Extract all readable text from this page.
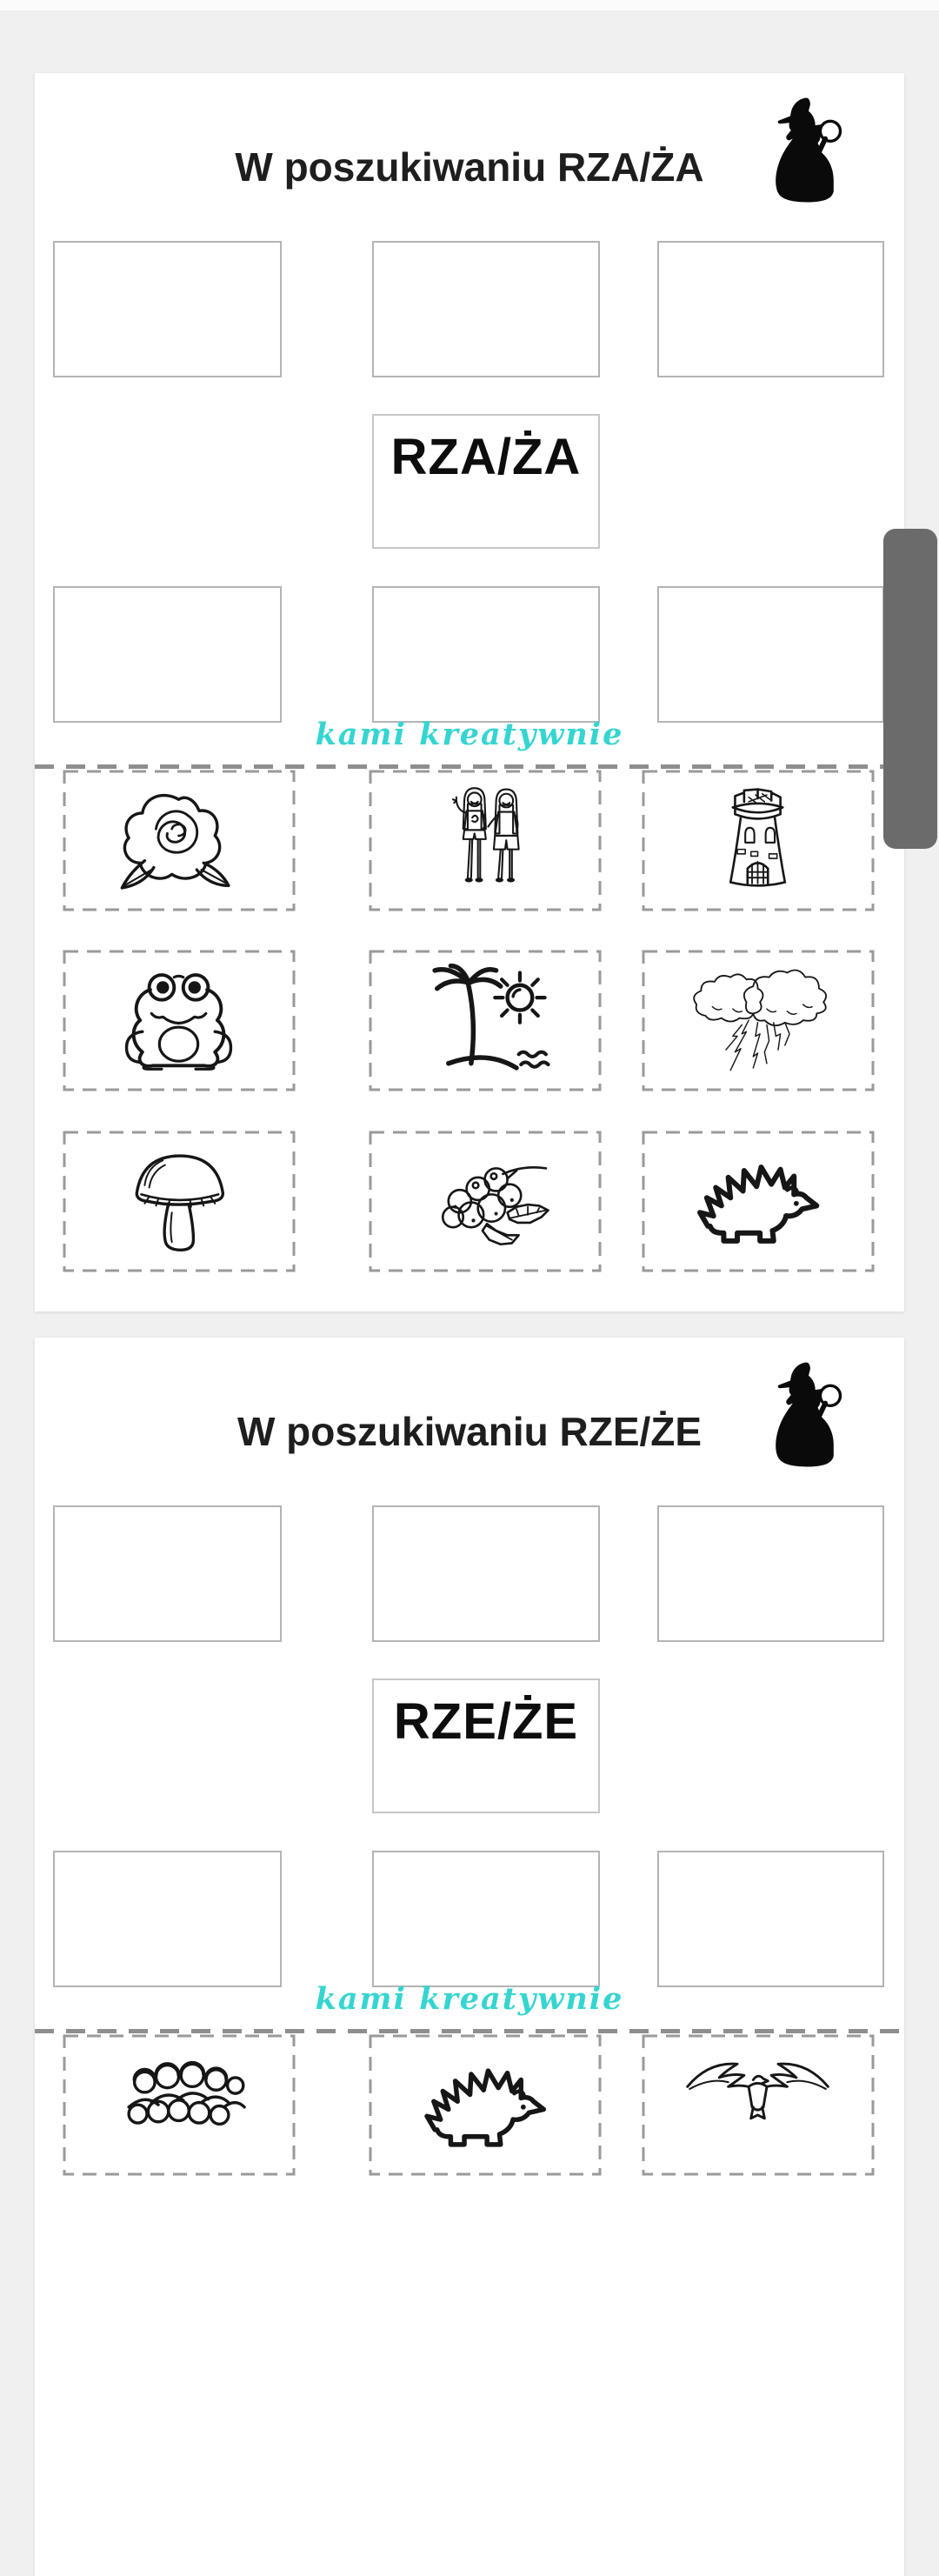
W poszukiwaniu RZA/ŻA
RZA/ŻA
kami kreatywnie
W poszukiwaniu RZE/ŻE
RZE/ŻE
kami kreatywnie
